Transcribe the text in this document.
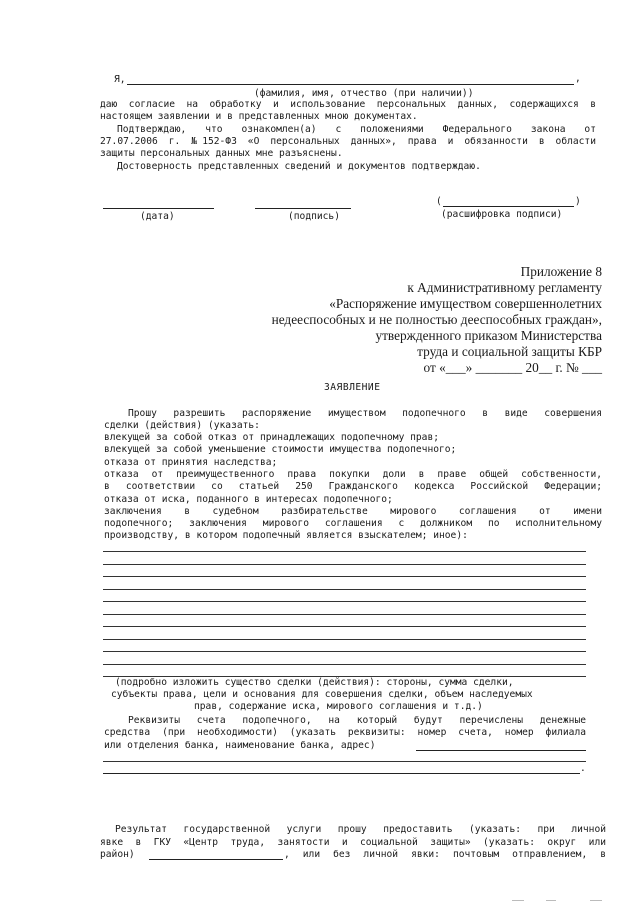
Я,	,
(фамилия, имя, отчество (при наличии))
даю согласие на обработку и использование персональных данных, содержащихся в
настоящем заявлении и в представленных мною документах.
Подтверждаю, что ознакомлен(а) с положениями Федерального закона от
27.07.2006 г. №152-ФЗ «О персональных данных», права и обязанности в области
защиты персональных данных мне разъяснены.
Достоверность представленных сведений и документов подтверждаю.
(дата)	(подпись)
(	)
(расшифровка подписи)
Приложение 8
к Административному регламенту
«Распоряжение имуществом совершеннолетних
недееспособных и не полностью дееспособных граждан»,
утвержденного приказом Министерства
труда и социальной защиты КБР
от «___» _______ 20__ г. № ___
ЗАЯВЛЕНИЕ
Прошу разрешить распоряжение имуществом подопечного в виде совершения
сделки (действия) (указать:
влекущей за собой отказ от принадлежащих подопечному прав;
влекущей за собой уменьшение стоимости имущества подопечного;
отказа от принятия наследства;
отказа от преимущественного права покупки доли в праве общей собственности,
в соответствии со статьей 250 Гражданского кодекса Российской Федерации;
отказа от иска, поданного в интересах подопечного;
заключения в судебном разбирательстве мирового соглашения от имени
подопечного; заключения мирового соглашения с должником по исполнительному
производству, в котором подопечный является взыскателем; иное):
(подробно изложить существо сделки (действия): стороны, сумма сделки,
субъекты права, цели и основания для совершения сделки, объем наследуемых
прав, содержание иска, мирового соглашения и т.д.)
Реквизиты счета подопечного, на который будут перечислены денежные
средства (при необходимости) (указать реквизиты: номер счета, номер филиала
или отделения банка, наименование банка, адрес)
.
Результат государственной услуги прошу предоставить (указать: при личной
явке в ГКУ «Центр труда, занятости и социальной защиты» (указать: округ или
район)	, или без личной явки: почтовым отправлением, в
